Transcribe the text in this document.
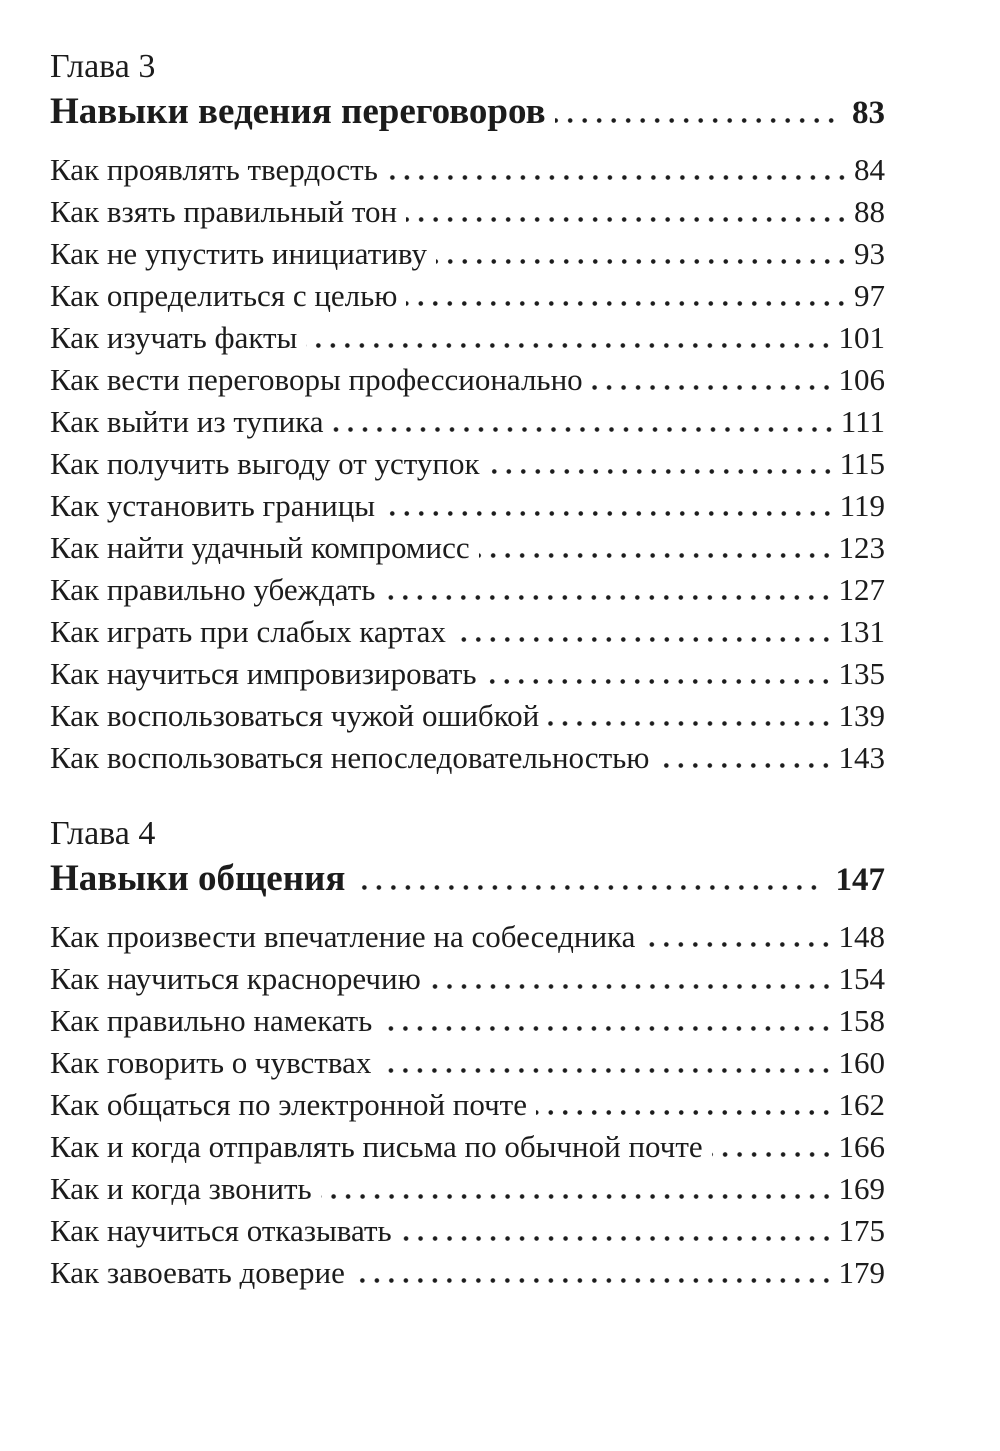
Глава 3
Навыки ведения переговоров	83
Как проявлять твердость	84
Как взять правильный тон	88
Как не упустить инициативу	93
Как определиться с целью	97
Как изучать факты	101
Как вести переговоры профессионально	106
Как выйти из тупика	111
Как получить выгоду от уступок	115
Как установить границы	119
Как найти удачный компромисс	123
Как правильно убеждать	127
Как играть при слабых картах	131
Как научиться импровизировать	135
Как воспользоваться чужой ошибкой	139
Как воспользоваться непоследовательностью	143
Глава 4
Навыки общения	147
Как произвести впечатление на собеседника	148
Как научиться красноречию	154
Как правильно намекать	158
Как говорить о чувствах	160
Как общаться по электронной почте	162
Как и когда отправлять письма по обычной почте	166
Как и когда звонить	169
Как научиться отказывать	175
Как завоевать доверие	179
